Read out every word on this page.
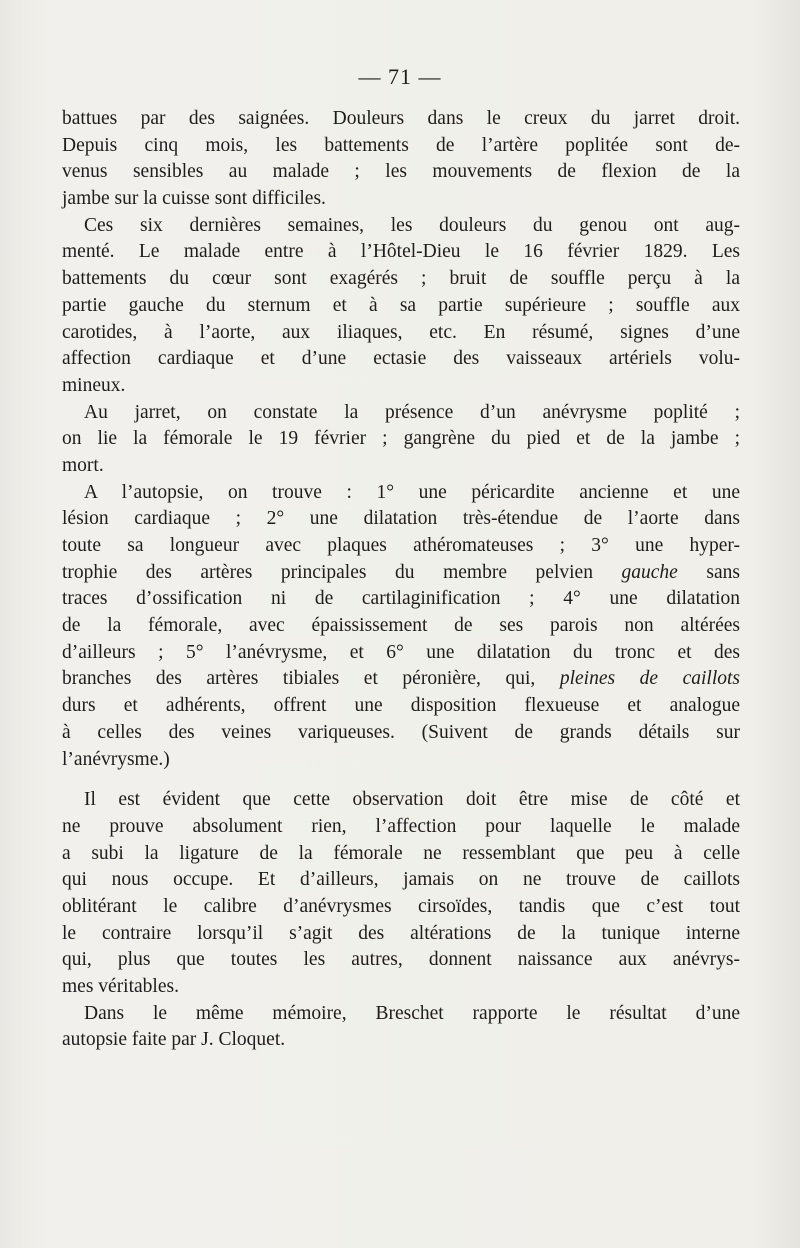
— 71 —
battues par des saignées. Douleurs dans le creux du jarret droit.
Depuis cinq mois, les battements de l’artère poplitée sont de-
venus sensibles au malade ; les mouvements de flexion de la
jambe sur la cuisse sont difficiles.
Ces six dernières semaines, les douleurs du genou ont aug-
menté. Le malade entre à l’Hôtel-Dieu le 16 février 1829. Les
battements du cœur sont exagérés ; bruit de souffle perçu à la
partie gauche du sternum et à sa partie supérieure ; souffle aux
carotides, à l’aorte, aux iliaques, etc. En résumé, signes d’une
affection cardiaque et d’une ectasie des vaisseaux artériels volu-
mineux.
Au jarret, on constate la présence d’un anévrysme poplité ;
on lie la fémorale le 19 février ; gangrène du pied et de la jambe ;
mort.
A l’autopsie, on trouve : 1° une péricardite ancienne et une
lésion cardiaque ; 2° une dilatation très-étendue de l’aorte dans
toute sa longueur avec plaques athéromateuses ; 3° une hyper-
trophie des artères principales du membre pelvien gauche sans
traces d’ossification ni de cartilaginification ; 4° une dilatation
de la fémorale, avec épaississement de ses parois non altérées
d’ailleurs ; 5° l’anévrysme, et 6° une dilatation du tronc et des
branches des artères tibiales et péronière, qui, pleines de caillots
durs et adhérents, offrent une disposition flexueuse et analogue
à celles des veines variqueuses. (Suivent de grands détails sur
l’anévrysme.)
Il est évident que cette observation doit être mise de côté et
ne prouve absolument rien, l’affection pour laquelle le malade
a subi la ligature de la fémorale ne ressemblant que peu à celle
qui nous occupe. Et d’ailleurs, jamais on ne trouve de caillots
oblitérant le calibre d’anévrysmes cirsoïdes, tandis que c’est tout
le contraire lorsqu’il s’agit des altérations de la tunique interne
qui, plus que toutes les autres, donnent naissance aux anévrys-
mes véritables.
Dans le même mémoire, Breschet rapporte le résultat d’une
autopsie faite par J. Cloquet.
